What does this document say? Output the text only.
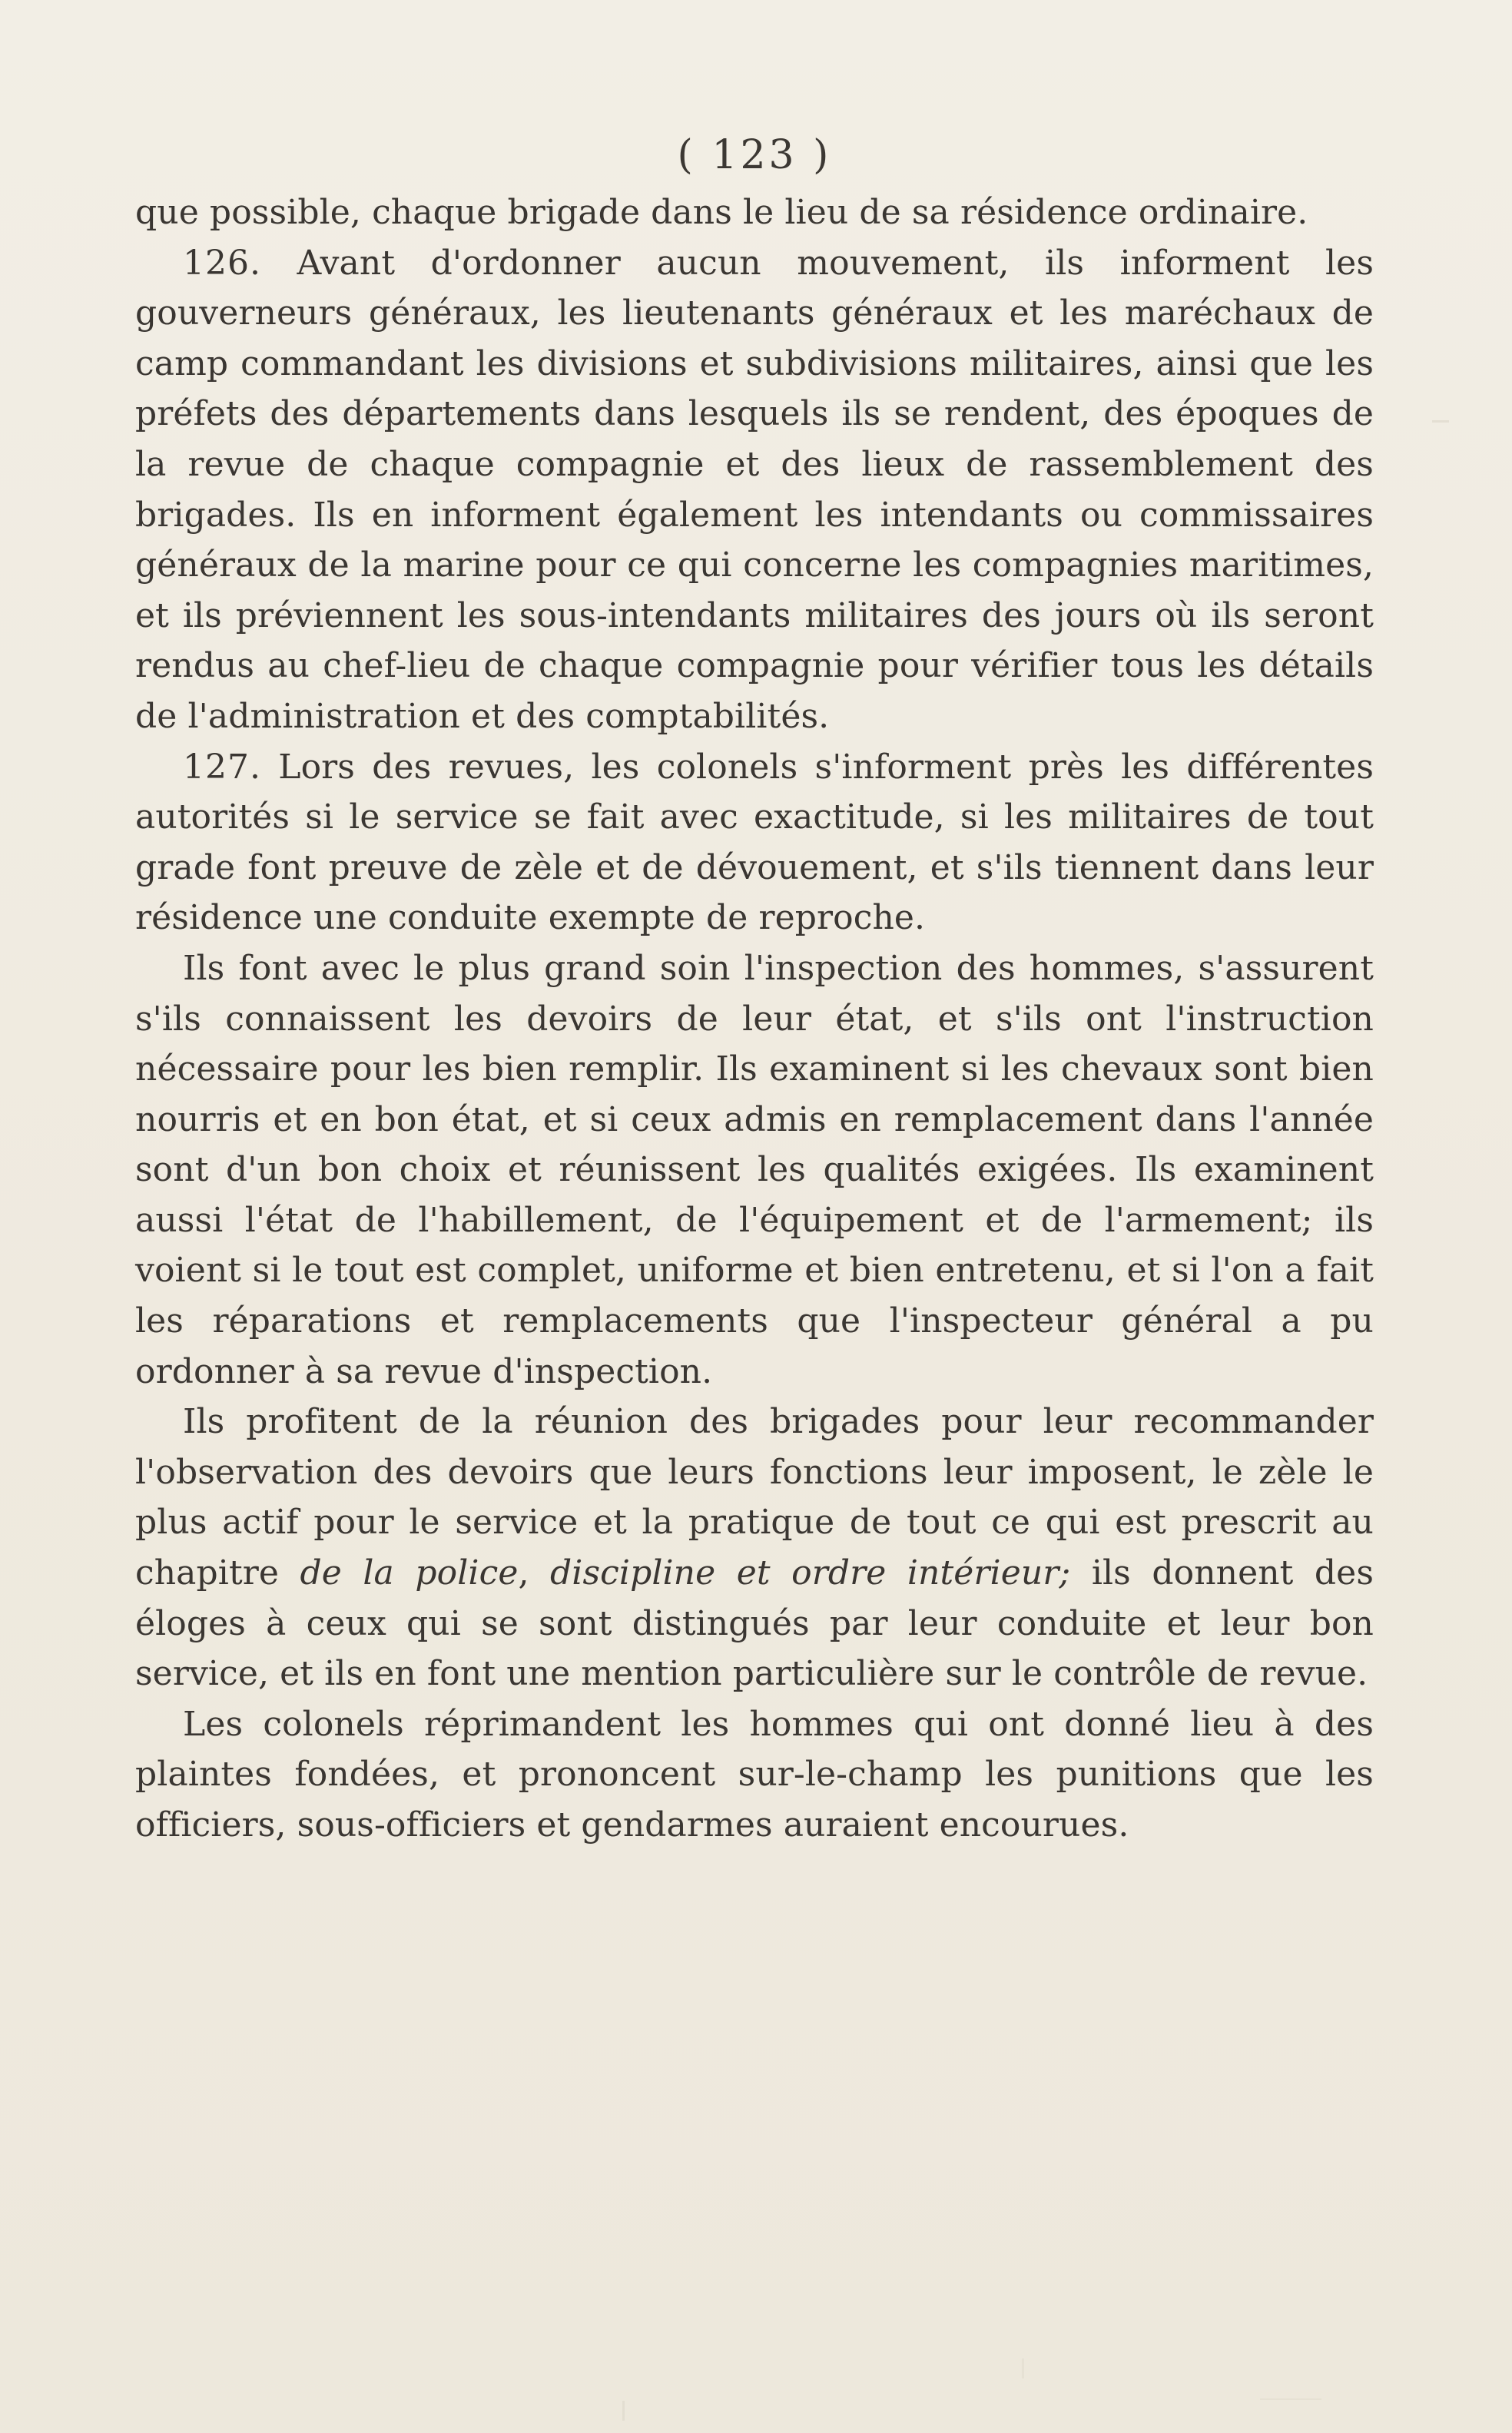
( 123 )

que possible, chaque brigade dans le lieu de sa résidence ordinaire.

126. Avant d'ordonner aucun mouvement, ils informent les gouverneurs généraux, les lieutenants généraux et les maréchaux de camp commandant les divisions et subdivisions militaires, ainsi que les préfets des départements dans lesquels ils se rendent, des époques de la revue de chaque compagnie et des lieux de rassemblement des brigades. Ils en informent également les intendants ou commissaires généraux de la marine pour ce qui concerne les compagnies maritimes, et ils préviennent les sous-intendants militaires des jours où ils seront rendus au chef-lieu de chaque compagnie pour vérifier tous les détails de l'administration et des comptabilités.

127. Lors des revues, les colonels s'informent près les différentes autorités si le service se fait avec exactitude, si les militaires de tout grade font preuve de zèle et de dévouement, et s'ils tiennent dans leur résidence une conduite exempte de reproche.

Ils font avec le plus grand soin l'inspection des hommes, s'assurent s'ils connaissent les devoirs de leur état, et s'ils ont l'instruction nécessaire pour les bien remplir. Ils examinent si les chevaux sont bien nourris et en bon état, et si ceux admis en remplacement dans l'année sont d'un bon choix et réunissent les qualités exigées. Ils examinent aussi l'état de l'habillement, de l'équipement et de l'armement; ils voient si le tout est complet, uniforme et bien entretenu, et si l'on a fait les réparations et remplacements que l'inspecteur général a pu ordonner à sa revue d'inspection.

Ils profitent de la réunion des brigades pour leur recommander l'observation des devoirs que leurs fonctions leur imposent, le zèle le plus actif pour le service et la pratique de tout ce qui est prescrit au chapitre de la police, discipline et ordre intérieur; ils donnent des éloges à ceux qui se sont distingués par leur conduite et leur bon service, et ils en font une mention particulière sur le contrôle de revue.

Les colonels réprimandent les hommes qui ont donné lieu à des plaintes fondées, et prononcent sur-le-champ les punitions que les officiers, sous-officiers et gendarmes auraient encourues.
